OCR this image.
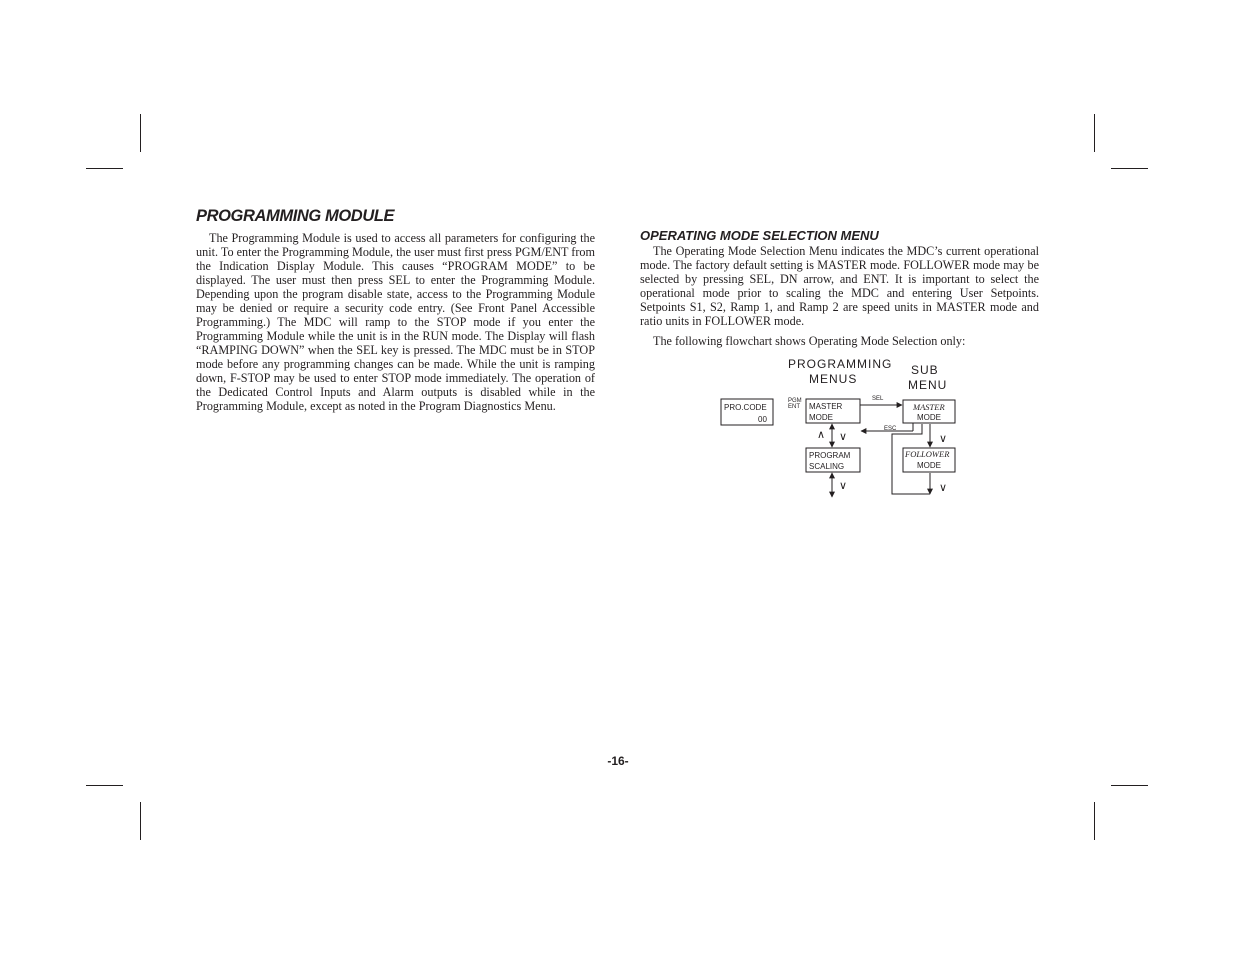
PROGRAMMING MODULE

The Programming Module is used to access all parameters for configuring the unit. To enter the Programming Module, the user must first press PGM/ENT from the Indication Display Module. This causes “PROGRAM MODE” to be displayed. The user must then press SEL to enter the Programming Module. Depending upon the program disable state, access to the Programming Module may be denied or require a security code entry. (See Front Panel Accessible Programming.) The MDC will ramp to the STOP mode if you enter the Programming Module while the unit is in the RUN mode. The Display will flash “RAMPING DOWN” when the SEL key is pressed. The MDC must be in STOP mode before any programming changes can be made. While the unit is ramping down, F-STOP may be used to enter STOP mode immediately. The operation of the Dedicated Control Inputs and Alarm outputs is disabled while in the Programming Module, except as noted in the Program Diagnostics Menu.

OPERATING MODE SELECTION MENU

The Operating Mode Selection Menu indicates the MDC’s current operational mode. The factory default setting is MASTER mode. FOLLOWER mode may be selected by pressing SEL, DN arrow, and ENT. It is important to select the operational mode prior to scaling the MDC and entering User Setpoints. Setpoints S1, S2, Ramp 1, and Ramp 2 are speed units in MASTER mode and ratio units in FOLLOWER mode.

The following flowchart shows Operating Mode Selection only:

PROGRAMMING
MENUS
SUB
MENU
PRO.CODE
00
PGM
ENT MASTER
MODE
PROGRAM
SCALING
SEL
ESC
MASTER
MODE
FOLLOWER
MODE
∧ ∨
∨
∨
∨
-16-
